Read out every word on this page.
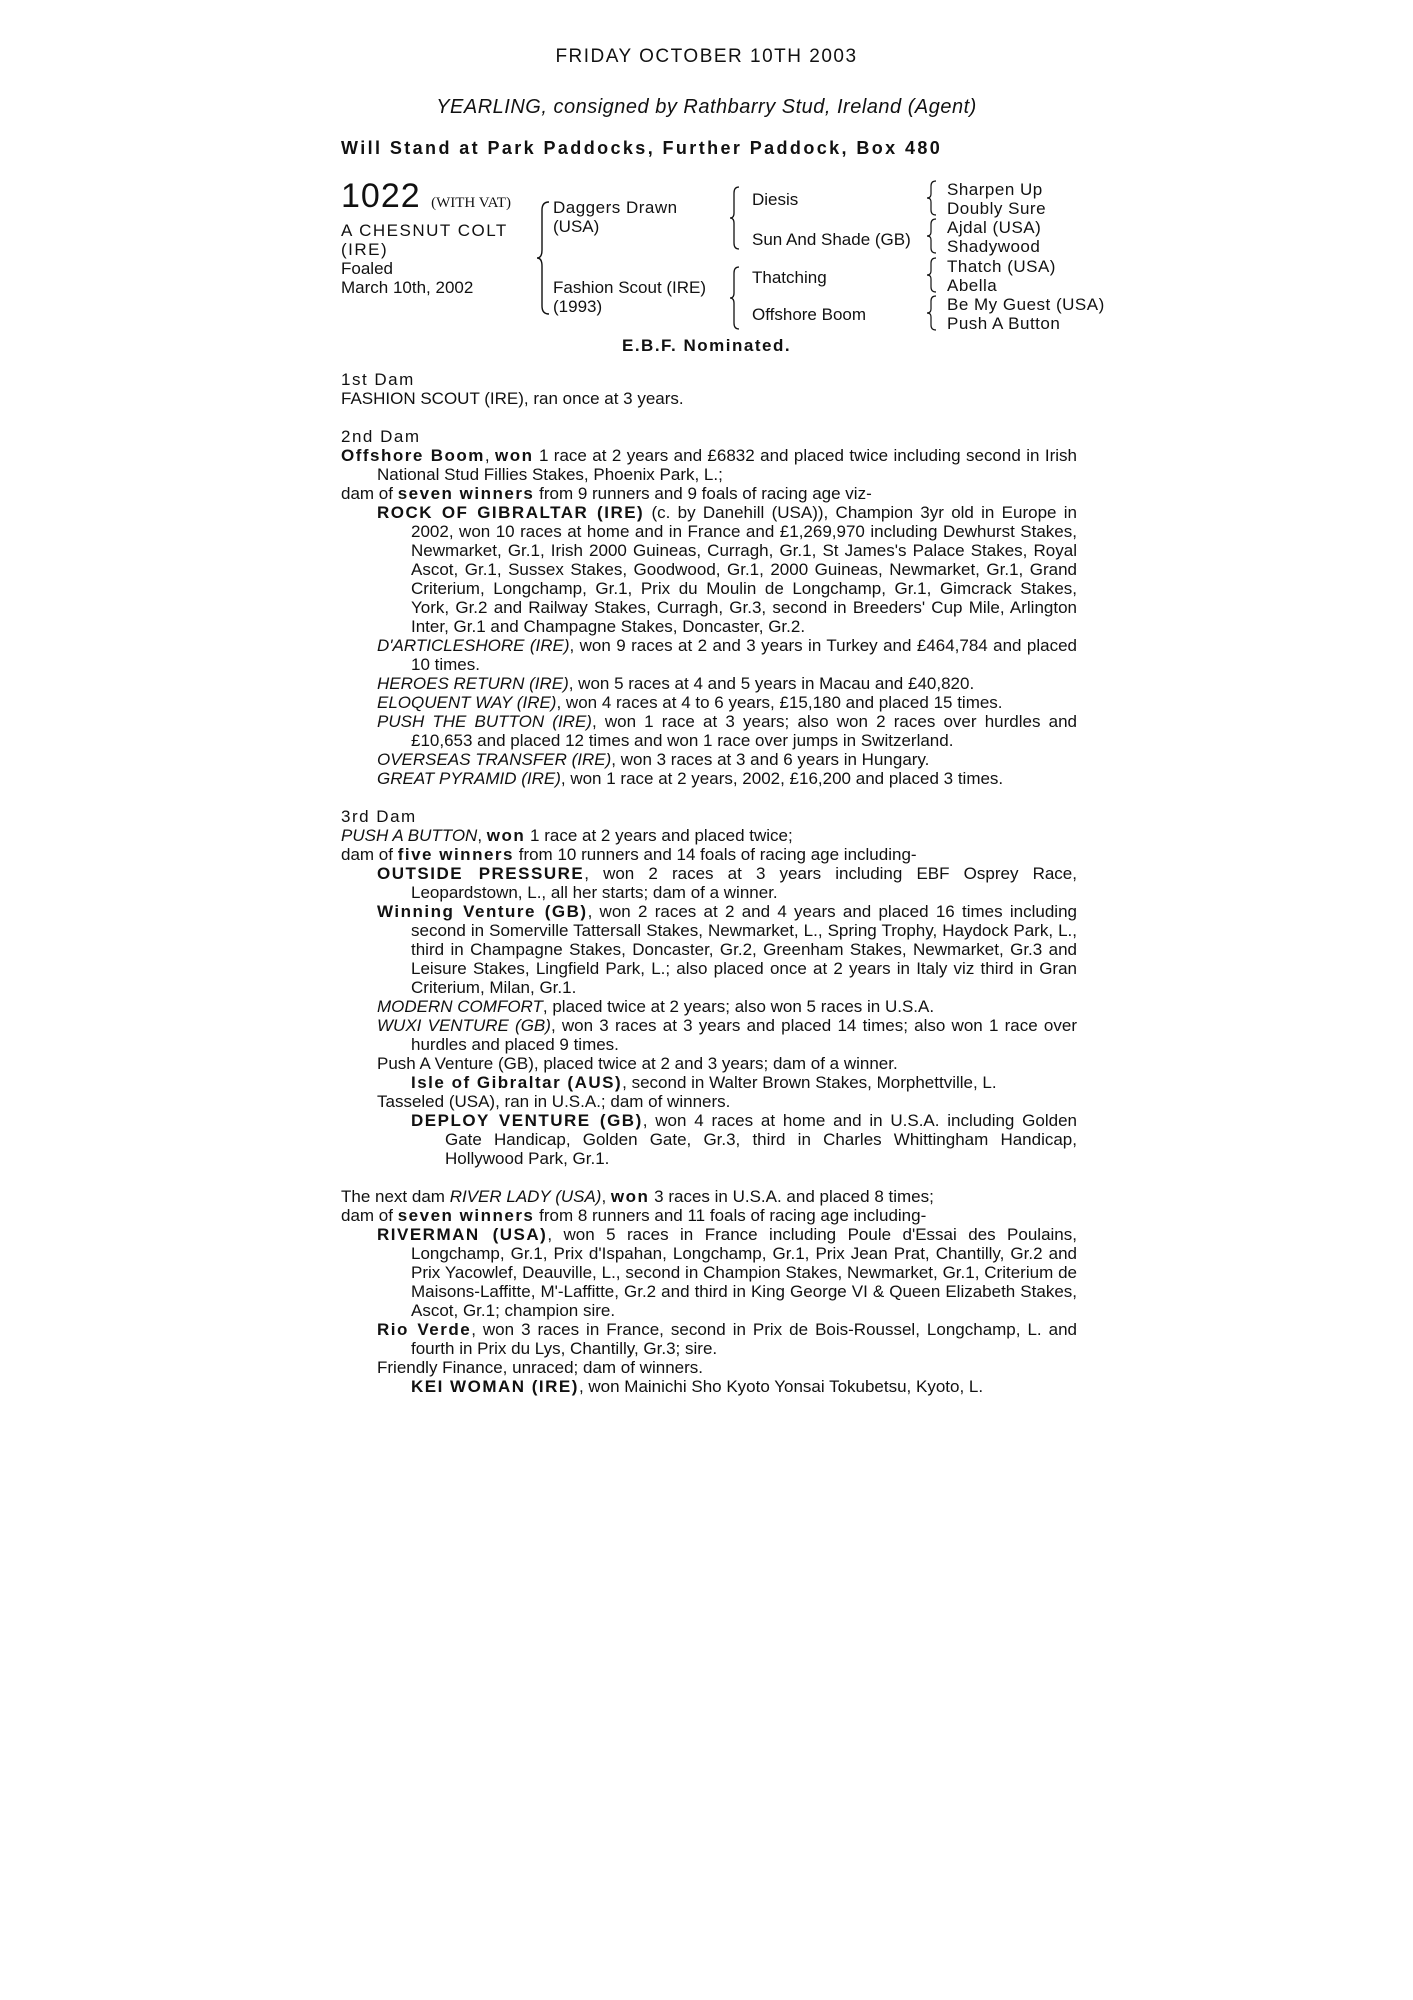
FRIDAY OCTOBER 10TH 2003
YEARLING, consigned by Rathbarry Stud, Ireland (Agent)
Will Stand at Park Paddocks, Further Paddock, Box 480
1022 (WITH VAT)
A CHESNUT COLT
(IRE)
Foaled
March 10th, 2002
Daggers Drawn
(USA)
Fashion Scout (IRE)
(1993)
Diesis
Sun And Shade (GB)
Thatching
Offshore Boom
Sharpen Up
Doubly Sure
Ajdal (USA)
Shadywood
Thatch (USA)
Abella
Be My Guest (USA)
Push A Button
E.B.F. Nominated.
1st Dam
FASHION SCOUT (IRE), ran once at 3 years.
2nd Dam
Offshore Boom, won 1 race at 2 years and £6832 and placed twice including second in Irish National Stud Fillies Stakes, Phoenix Park, L.;
dam of seven winners from 9 runners and 9 foals of racing age viz-
ROCK OF GIBRALTAR (IRE) (c. by Danehill (USA)), Champion 3yr old in Europe in 2002, won 10 races at home and in France and £1,269,970 including Dewhurst Stakes, Newmarket, Gr.1, Irish 2000 Guineas, Curragh, Gr.1, St James's Palace Stakes, Royal Ascot, Gr.1, Sussex Stakes, Goodwood, Gr.1, 2000 Guineas, Newmarket, Gr.1, Grand Criterium, Longchamp, Gr.1, Prix du Moulin de Longchamp, Gr.1, Gimcrack Stakes, York, Gr.2 and Railway Stakes, Curragh, Gr.3, second in Breeders' Cup Mile, Arlington Inter, Gr.1 and Champagne Stakes, Doncaster, Gr.2.
D'ARTICLESHORE (IRE), won 9 races at 2 and 3 years in Turkey and £464,784 and placed 10 times.
HEROES RETURN (IRE), won 5 races at 4 and 5 years in Macau and £40,820.
ELOQUENT WAY (IRE), won 4 races at 4 to 6 years, £15,180 and placed 15 times.
PUSH THE BUTTON (IRE), won 1 race at 3 years; also won 2 races over hurdles and £10,653 and placed 12 times and won 1 race over jumps in Switzerland.
OVERSEAS TRANSFER (IRE), won 3 races at 3 and 6 years in Hungary.
GREAT PYRAMID (IRE), won 1 race at 2 years, 2002, £16,200 and placed 3 times.
3rd Dam
PUSH A BUTTON, won 1 race at 2 years and placed twice;
dam of five winners from 10 runners and 14 foals of racing age including-
OUTSIDE PRESSURE, won 2 races at 3 years including EBF Osprey Race, Leopardstown, L., all her starts; dam of a winner.
Winning Venture (GB), won 2 races at 2 and 4 years and placed 16 times including second in Somerville Tattersall Stakes, Newmarket, L., Spring Trophy, Haydock Park, L., third in Champagne Stakes, Doncaster, Gr.2, Greenham Stakes, Newmarket, Gr.3 and Leisure Stakes, Lingfield Park, L.; also placed once at 2 years in Italy viz third in Gran Criterium, Milan, Gr.1.
MODERN COMFORT, placed twice at 2 years; also won 5 races in U.S.A.
WUXI VENTURE (GB), won 3 races at 3 years and placed 14 times; also won 1 race over hurdles and placed 9 times.
Push A Venture (GB), placed twice at 2 and 3 years; dam of a winner.
Isle of Gibraltar (AUS), second in Walter Brown Stakes, Morphettville, L.
Tasseled (USA), ran in U.S.A.; dam of winners.
DEPLOY VENTURE (GB), won 4 races at home and in U.S.A. including Golden Gate Handicap, Golden Gate, Gr.3, third in Charles Whittingham Handicap, Hollywood Park, Gr.1.
The next dam RIVER LADY (USA), won 3 races in U.S.A. and placed 8 times;
dam of seven winners from 8 runners and 11 foals of racing age including-
RIVERMAN (USA), won 5 races in France including Poule d'Essai des Poulains, Longchamp, Gr.1, Prix d'Ispahan, Longchamp, Gr.1, Prix Jean Prat, Chantilly, Gr.2 and Prix Yacowlef, Deauville, L., second in Champion Stakes, Newmarket, Gr.1, Criterium de Maisons-Laffitte, M'-Laffitte, Gr.2 and third in King George VI & Queen Elizabeth Stakes, Ascot, Gr.1; champion sire.
Rio Verde, won 3 races in France, second in Prix de Bois-Roussel, Longchamp, L. and fourth in Prix du Lys, Chantilly, Gr.3; sire.
Friendly Finance, unraced; dam of winners.
KEI WOMAN (IRE), won Mainichi Sho Kyoto Yonsai Tokubetsu, Kyoto, L.
